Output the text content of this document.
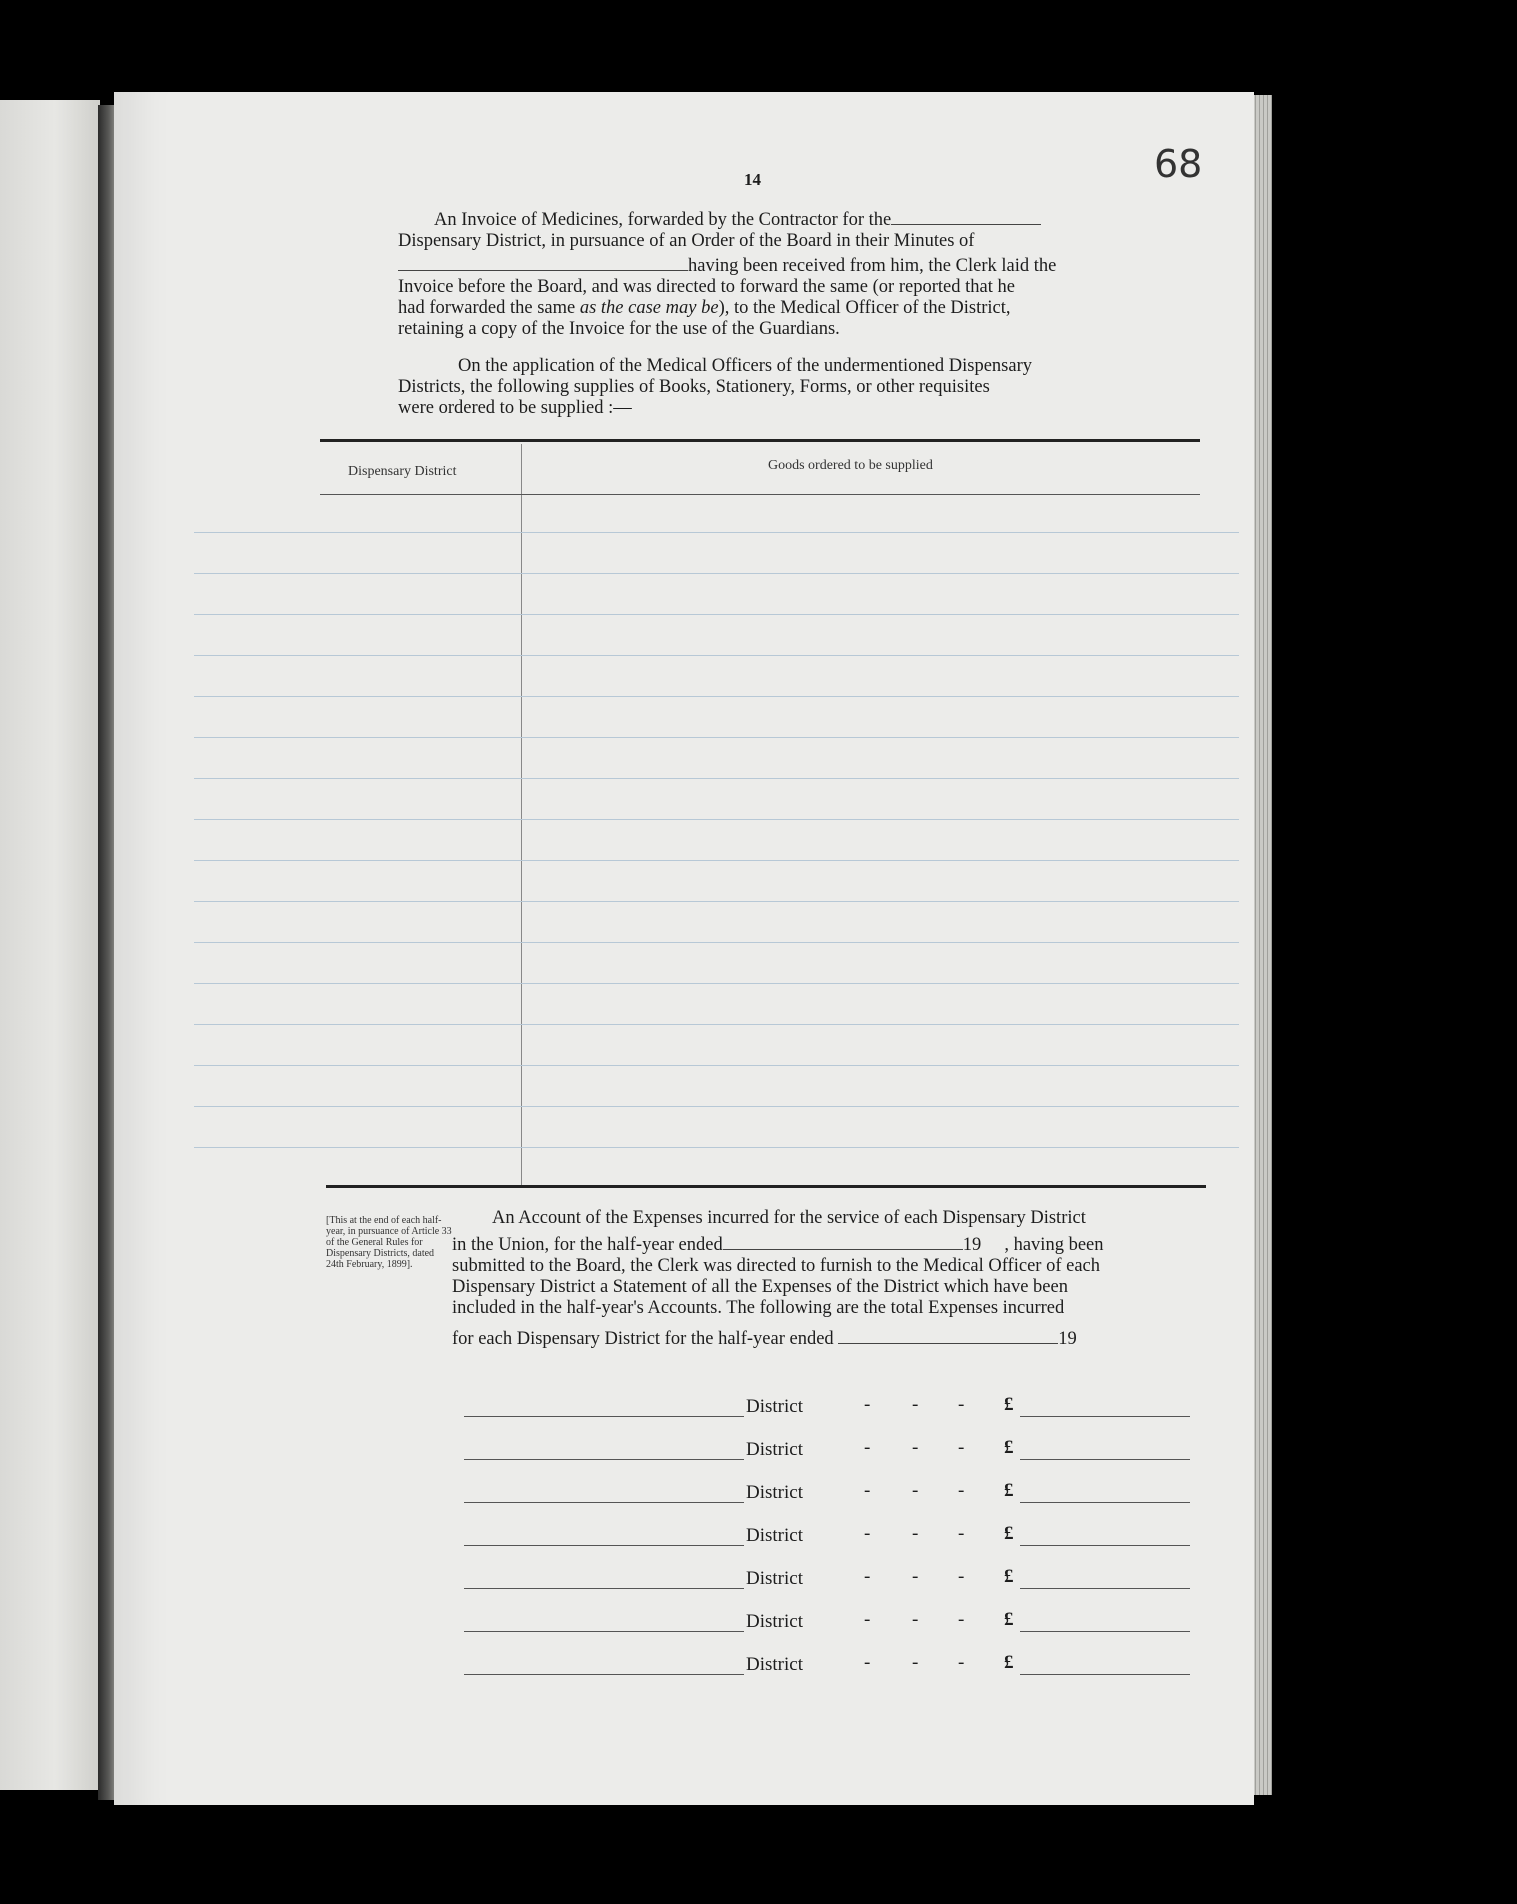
68
14
An Invoice of Medicines, forwarded by the Contractor for the
Dispensary District, in pursuance of an Order of the Board in their Minutes of
having been received from him, the Clerk laid the
Invoice before the Board, and was directed to forward the same (or reported that he
had forwarded the same as the case may be), to the Medical Officer of the District,
retaining a copy of the Invoice for the use of the Guardians.
On the application of the Medical Officers of the undermentioned Dispensary
Districts, the following supplies of Books, Stationery, Forms, or other requisites
were ordered to be supplied :—
Dispensary District	Goods ordered to be supplied
[This at the end of each half-year, in pursuance of Article 33 of the General Rules for Dispensary Districts, dated 24th February, 1899].
An Account of the Expenses incurred for the service of each Dispensary District
in the Union, for the half-year ended	19 , having been
submitted to the Board, the Clerk was directed to furnish to the Medical Officer of each
Dispensary District a Statement of all the Expenses of the District which have been
included in the half-year's Accounts. The following are the total Expenses incurred
for each Dispensary District for the half-year ended	19
District	- - - £
District	- - - £
District	- - - £
District	- - - £
District	- - - £
District	- - - £
District	- - - £
